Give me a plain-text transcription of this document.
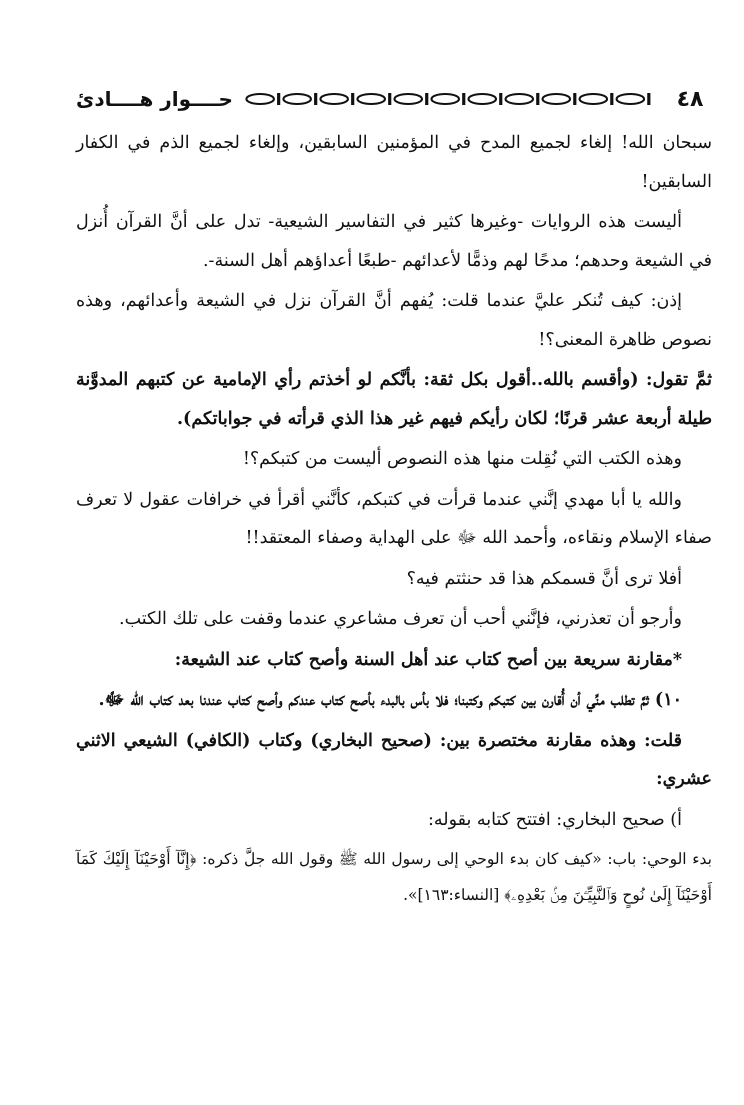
٤٨
حــــوار هــــادئ

سبحان الله! إلغاء لجميع المدح في المؤمنين السابقين، وإلغاء لجميع الذم في الكفار السابقين!

أليست هذه الروايات -وغيرها كثير في التفاسير الشيعية- تدل على أنَّ القرآن أُنزل في الشيعة وحدهم؛ مدحًا لهم وذمًّا لأعدائهم -طبعًا أعداؤهم أهل السنة-.

إذن: كيف تُنكر عليَّ عندما قلت: يُفهم أنَّ القرآن نزل في الشيعة وأعدائهم، وهذه نصوص ظاهرة المعنى؟!

ثمَّ تقول: (وأقسم بالله..أقول بكل ثقة: بأنَّكم لو أخذتم رأي الإمامية عن كتبهم المدوَّنة طيلة أربعة عشر قرنًا؛ لكان رأيكم فيهم غير هذا الذي قرأته في جواباتكم).

وهذه الكتب التي نُقِلت منها هذه النصوص أليست من كتبكم؟!

والله يا أبا مهدي إنَّني عندما قرأت في كتبكم، كأنَّني أقرأ في خرافات عقول لا تعرف صفاء الإسلام ونقاءه، وأحمد الله ﷻ على الهداية وصفاء المعتقد!!

أفلا ترى أنَّ قسمكم هذا قد حنثتم فيه؟

وأرجو أن تعذرني، فإنَّني أحب أن تعرف مشاعري عندما وقفت على تلك الكتب.

*مقارنة سريعة بين أصح كتاب عند أهل السنة وأصح كتاب عند الشيعة:

١٠) ثمَّ تطلب منِّي أن أُقارن بين كتبكم وكتبنا؛ فلا بأس بالبدء بأصح كتاب عندكم وأصح كتاب عندنا بعد كتاب الله ﷻ.

قلت: وهذه مقارنة مختصرة بين: (صحيح البخاري) وكتاب (الكافي) الشيعي الاثني عشري:

أ) صحيح البخاري: افتتح كتابه بقوله:

بدء الوحي: باب: «كيف كان بدء الوحي إلى رسول الله ﷺ وقول الله جلَّ ذكره: ﴿إِنَّآ أَوْحَيْنَآ إِلَيْكَ كَمَآ أَوْحَيْنَآ إِلَىٰ نُوحٍ وَٱلنَّبِيِّـۧنَ مِنۢ بَعْدِهِۦ﴾ [النساء:١٦٣]».
